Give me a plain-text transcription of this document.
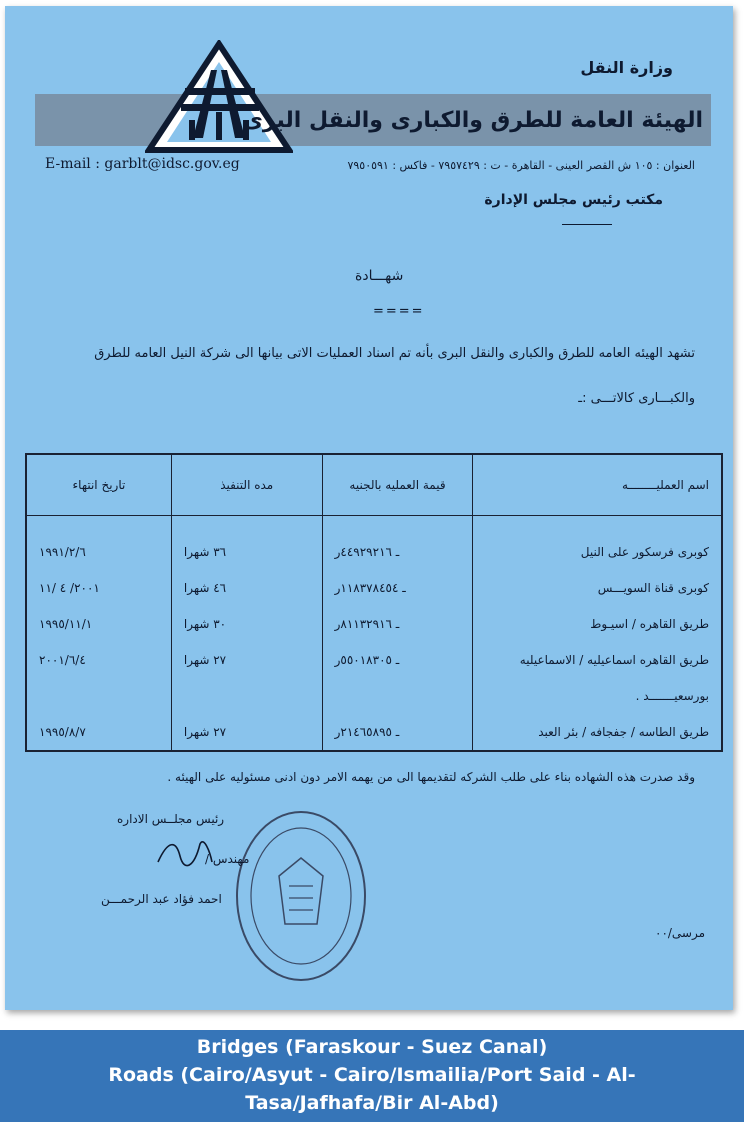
وزارة النقل
الهيئة العامة للطرق والكبارى والنقل البرى
E-mail : garblt@idsc.gov.eg	العنوان : ١٠٥ ش القصر العينى - القاهرة - ت : ٧٩٥٧٤٢٩ - فاكس : ٧٩٥٠٥٩١
مكتب رئيس مجلس الإدارة
شهـــادة
====
تشهد الهيئه العامه للطرق والكبارى والنقل البرى بأنه تم اسناد العمليات الاتى بيانها الى شركة النيل العامه للطرق
والكبـــارى كالاتـــى :ـ
اسم العمليــــــــه	قيمة العمليه بالجنيه	مده التنفيذ	تاريخ انتهاء
كوبرى فرسكور على النيل	ـ ٤٤٩٢٩٢١٦ر	٣٦ شهرا	١٩٩١/٢/٦
كوبرى قناة السويـــس	ـ ١١٨٣٧٨٤٥٤ر	٤٦ شهرا	٢٠٠١/ ٤ /١١
طريق القاهره / اسيـوط	ـ ٨١١٣٢٩١٦ر	٣٠ شهرا	١٩٩٥/١١/١
طريق القاهره اسماعيليه / الاسماعيليه	ـ ٥٥٠١٨٣٠٥ر	٢٧ شهرا	٢٠٠١/٦/٤
بورسعيـــــــد .			
طريق الطاسه / جفجافه / بئر العبد	ـ ٢١٤٦٥٨٩٥ر	٢٧ شهرا	١٩٩٥/٨/٧
وقد صدرت هذه الشهاده بناء على طلب الشركه لتقديمها الى من يهمه الامر دون ادنى مسئوليه على الهيئه .
رئيس مجلــس الاداره
مهندس /
احمد فؤاد عبد الرحمـــن
مرسى/٠٠
Bridges (Faraskour - Suez Canal)
Roads (Cairo/Asyut - Cairo/Ismailia/Port Said - Al-
Tasa/Jafhafa/Bir Al-Abd)
